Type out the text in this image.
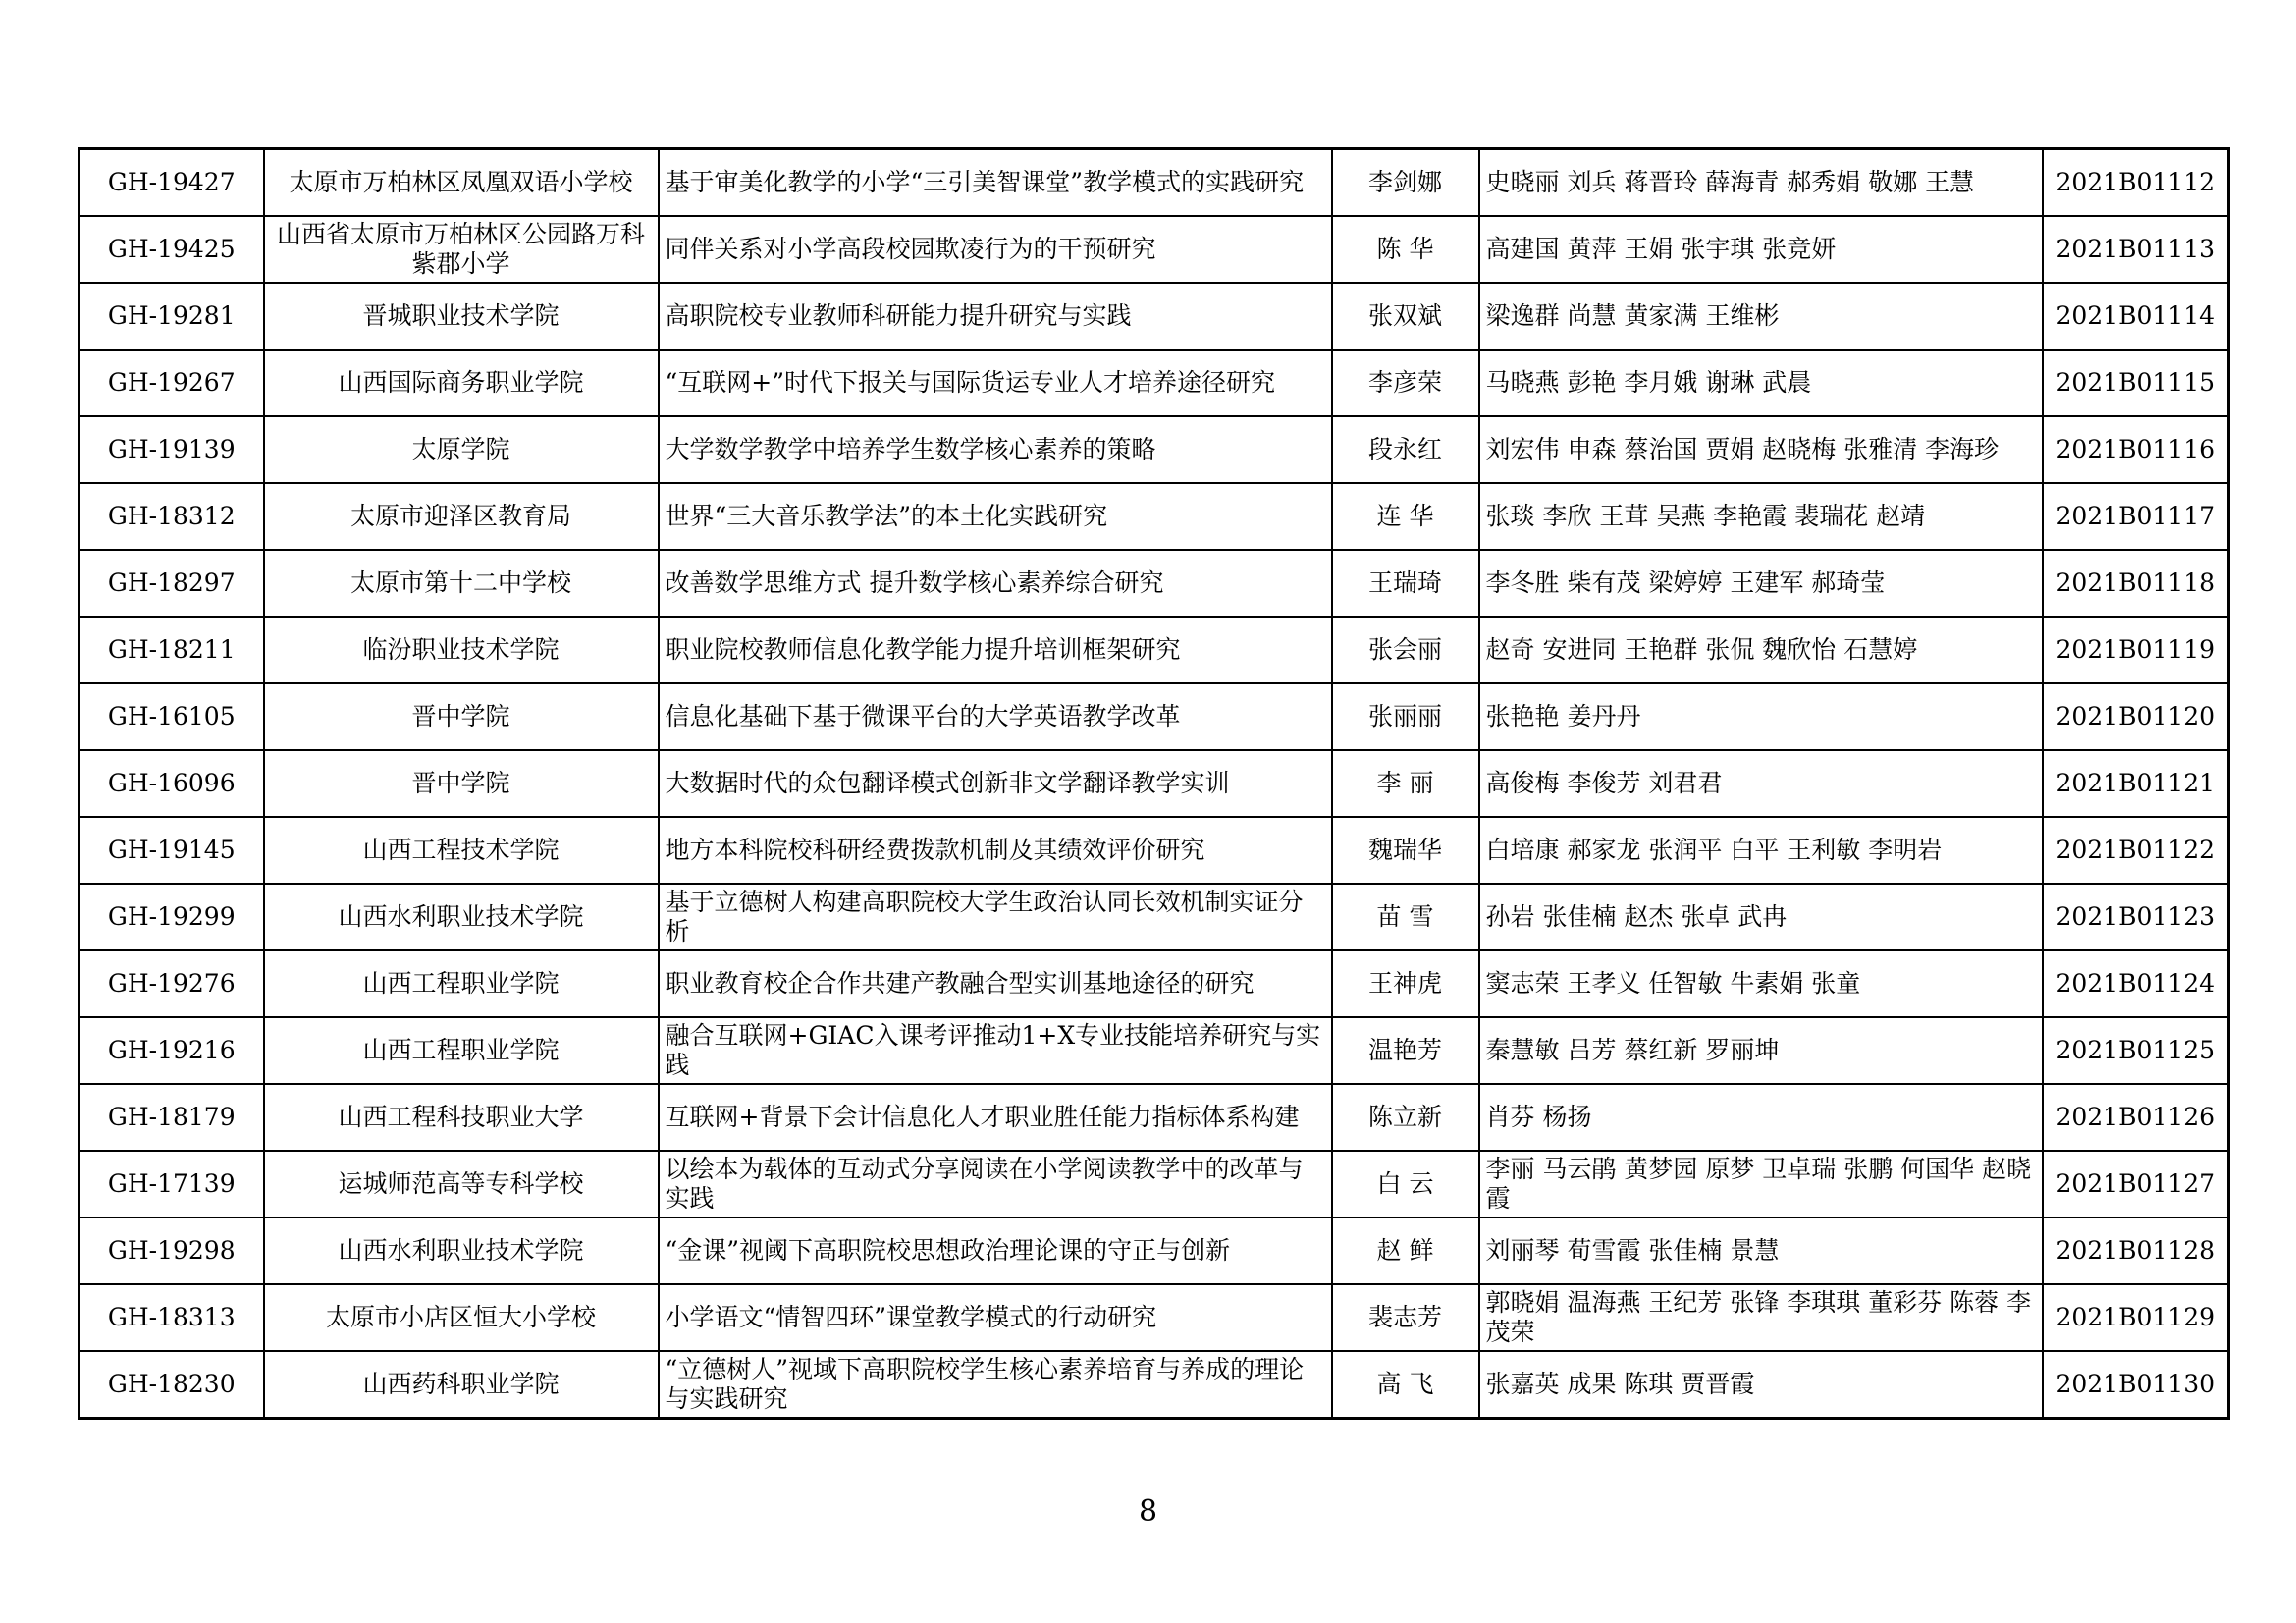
GH-19427	太原市万柏林区凤凰双语小学校	基于审美化教学的小学“三引美智课堂”教学模式的实践研究	李剑娜	史晓丽 刘兵 蒋晋玲 薛海青 郝秀娟 敬娜 王慧	2021B01112
GH-19425	山西省太原市万柏林区公园路万科紫郡小学	同伴关系对小学高段校园欺凌行为的干预研究	陈 华	高建国 黄萍 王娟 张宇琪 张竞妍	2021B01113
GH-19281	晋城职业技术学院	高职院校专业教师科研能力提升研究与实践	张双斌	梁逸群 尚慧 黄家满 王维彬	2021B01114
GH-19267	山西国际商务职业学院	“互联网+”时代下报关与国际货运专业人才培养途径研究	李彦荣	马晓燕 彭艳 李月娥 谢琳 武晨	2021B01115
GH-19139	太原学院	大学数学教学中培养学生数学核心素养的策略	段永红	刘宏伟 申森 蔡治国 贾娟 赵晓梅 张雅清 李海珍	2021B01116
GH-18312	太原市迎泽区教育局	世界“三大音乐教学法”的本土化实践研究	连 华	张琰 李欣 王茸 吴燕 李艳霞 裴瑞花 赵靖	2021B01117
GH-18297	太原市第十二中学校	改善数学思维方式 提升数学核心素养综合研究	王瑞琦	李冬胜 柴有茂 梁婷婷 王建军 郝琦莹	2021B01118
GH-18211	临汾职业技术学院	职业院校教师信息化教学能力提升培训框架研究	张会丽	赵奇 安进同 王艳群 张侃 魏欣怡 石慧婷	2021B01119
GH-16105	晋中学院	信息化基础下基于微课平台的大学英语教学改革	张丽丽	张艳艳 姜丹丹	2021B01120
GH-16096	晋中学院	大数据时代的众包翻译模式创新非文学翻译教学实训	李 丽	高俊梅 李俊芳 刘君君	2021B01121
GH-19145	山西工程技术学院	地方本科院校科研经费拨款机制及其绩效评价研究	魏瑞华	白培康 郝家龙 张润平 白平 王利敏 李明岩	2021B01122
GH-19299	山西水利职业技术学院	基于立德树人构建高职院校大学生政治认同长效机制实证分析	苗 雪	孙岩 张佳楠 赵杰 张卓 武冉	2021B01123
GH-19276	山西工程职业学院	职业教育校企合作共建产教融合型实训基地途径的研究	王神虎	窦志荣 王孝义 任智敏 牛素娟 张童	2021B01124
GH-19216	山西工程职业学院	融合互联网+GIAC入课考评推动1+X专业技能培养研究与实践	温艳芳	秦慧敏 吕芳 蔡红新 罗丽坤	2021B01125
GH-18179	山西工程科技职业大学	互联网+背景下会计信息化人才职业胜任能力指标体系构建	陈立新	肖芬 杨扬	2021B01126
GH-17139	运城师范高等专科学校	以绘本为载体的互动式分享阅读在小学阅读教学中的改革与实践	白 云	李丽 马云鹃 黄梦园 原梦 卫卓瑞 张鹏 何国华 赵晓霞	2021B01127
GH-19298	山西水利职业技术学院	“金课”视阈下高职院校思想政治理论课的守正与创新	赵 鲜	刘丽琴 荀雪霞 张佳楠 景慧	2021B01128
GH-18313	太原市小店区恒大小学校	小学语文“情智四环”课堂教学模式的行动研究	裴志芳	郭晓娟 温海燕 王纪芳 张锋 李琪琪 董彩芬 陈蓉 李茂荣	2021B01129
GH-18230	山西药科职业学院	“立德树人”视域下高职院校学生核心素养培育与养成的理论与实践研究	高 飞	张嘉英 成果 陈琪 贾晋霞	2021B01130
8
